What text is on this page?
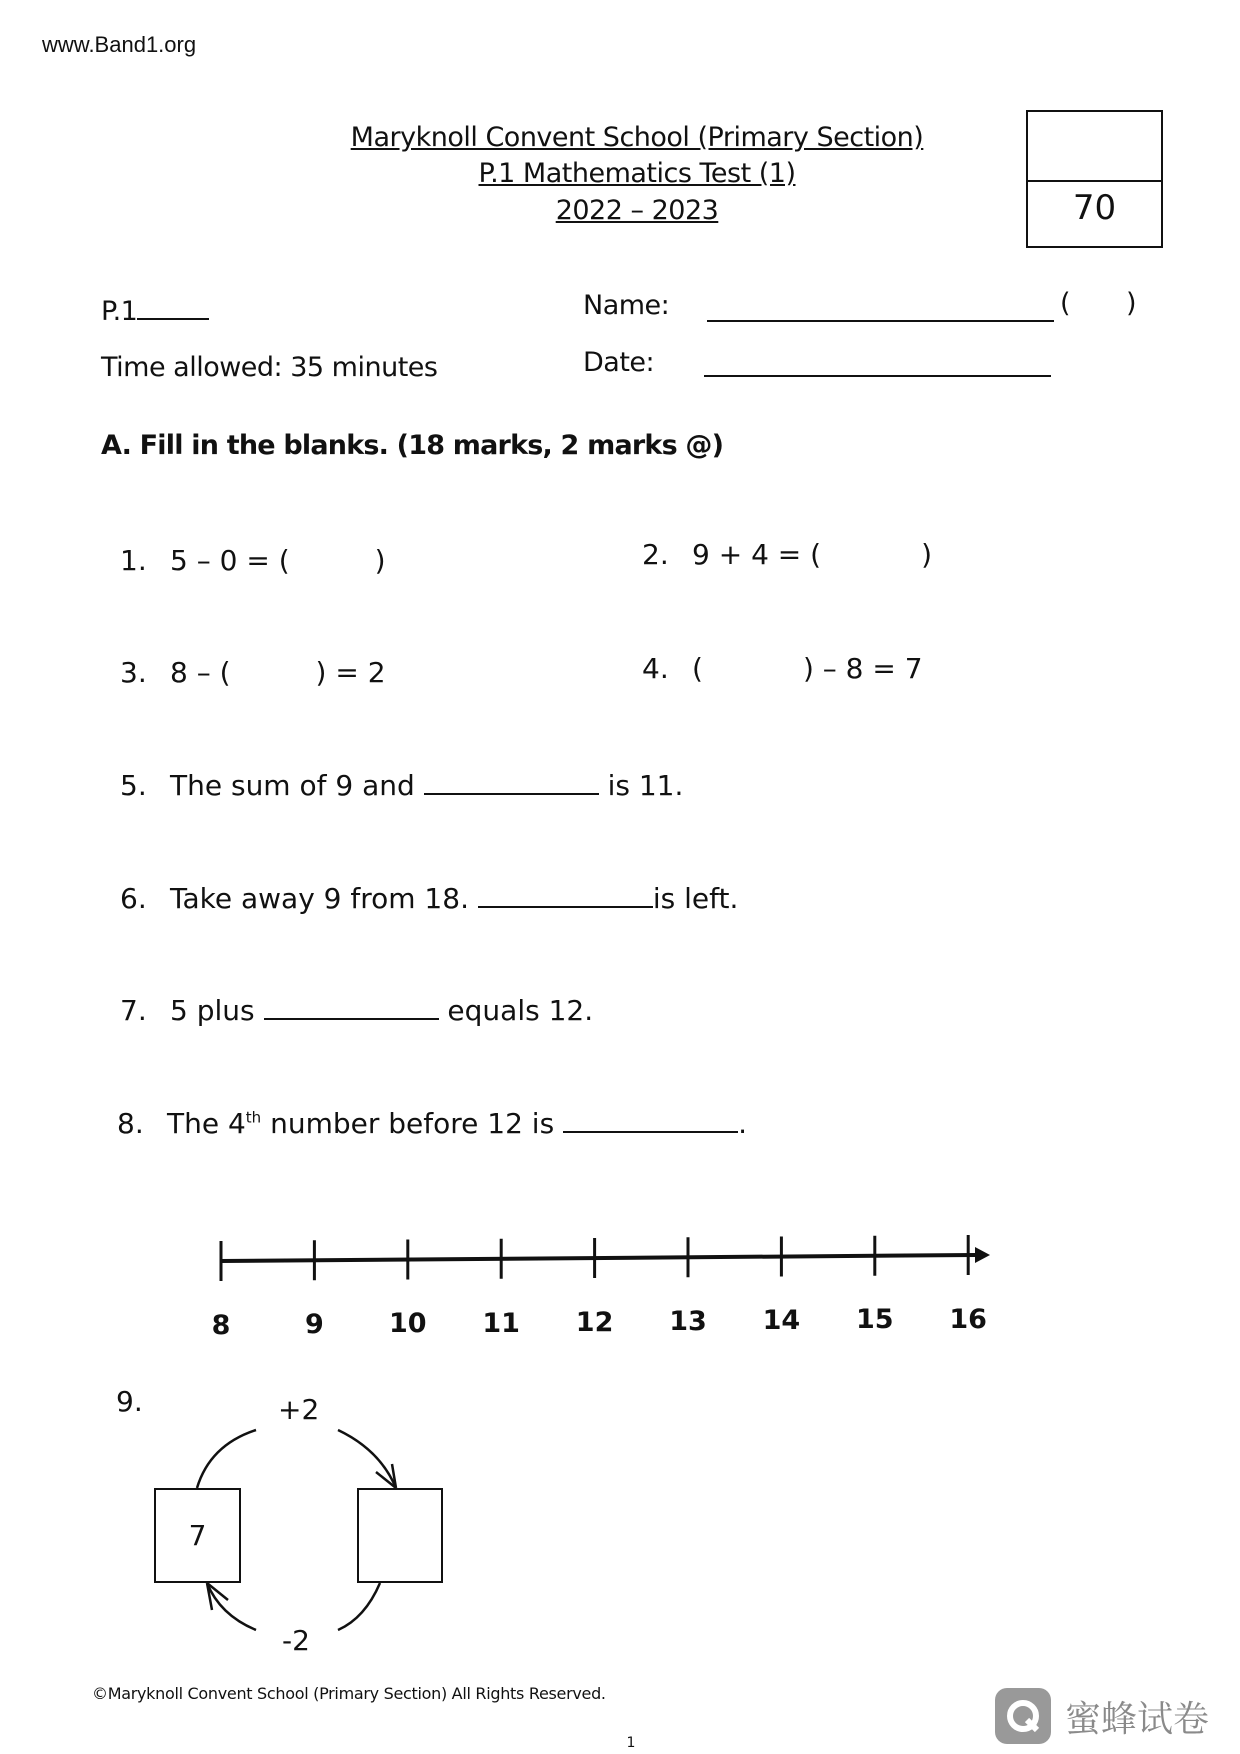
www.Band1.org
Maryknoll Convent School (Primary Section)
P.1 Mathematics Test (1)
2022 – 2023	70
P.1	Name:	( )
Time allowed: 35 minutes	Date:
A. Fill in the blanks. (18 marks, 2 marks @)
1. 5 – 0 = (	)	2. 9 + 4 = (	)
3. 8 – (	) = 2	4. (	) – 8 = 7
5. The sum of 9 and	is 11.
6. Take away 9 from 18.	is left.
7. 5 plus	equals 12.
8. The 4th number before 12 is	.
8	9	10	11	12	13	14	15	16
9.	+2
-2
7
©Maryknoll Convent School (Primary Section) All Rights Reserved.
蜜蜂试卷
1
